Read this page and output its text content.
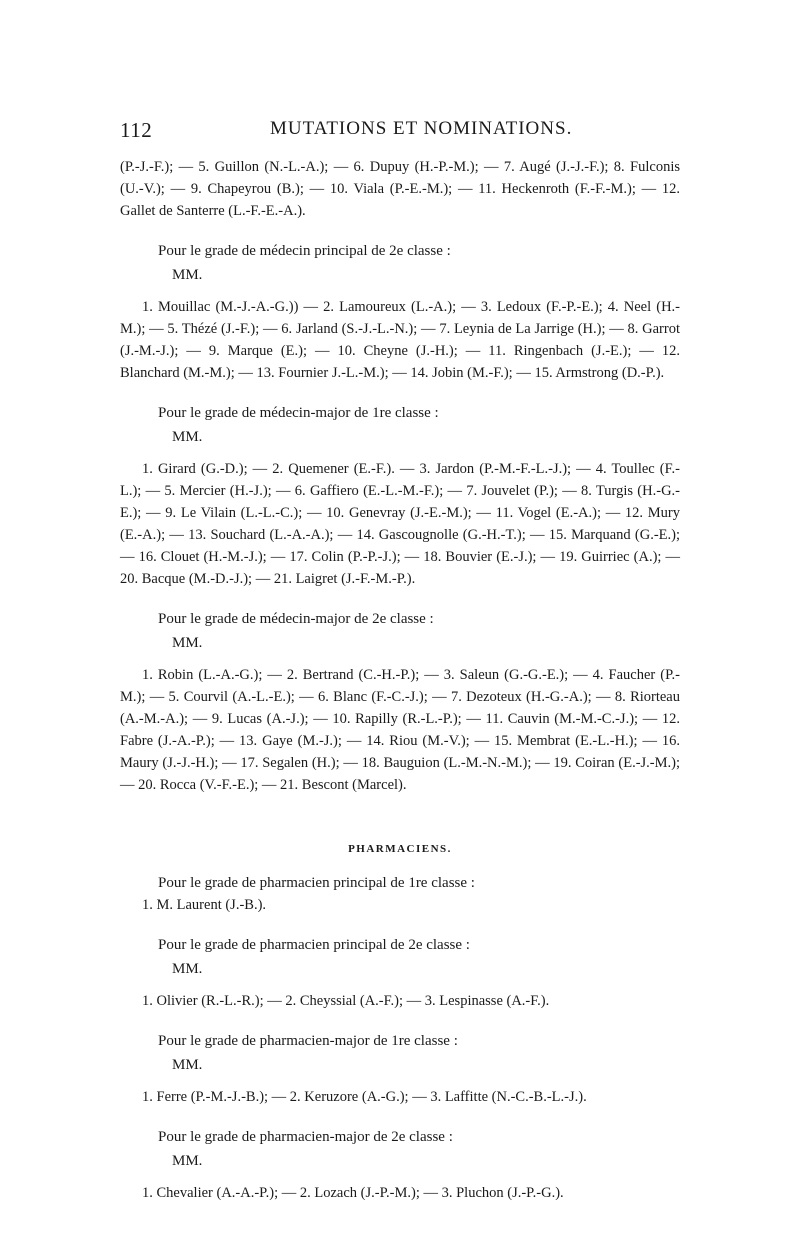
112	MUTATIONS ET NOMINATIONS.

(P.-J.-F.); — 5. Guillon (N.-L.-A.); — 6. Dupuy (H.-P.-M.); — 7. Augé (J.-J.-F.); 8. Fulconis (U.-V.); — 9. Chapeyrou (B.); — 10. Viala (P.-E.-M.); — 11. Heckenroth (F.-F.-M.); — 12. Gallet de Santerre (L.-F.-E.-A.).

Pour le grade de médecin principal de 2e classe :

MM.

1. Mouillac (M.-J.-A.-G.)) — 2. Lamoureux (L.-A.); — 3. Ledoux (F.-P.-E.); 4. Neel (H.-M.); — 5. Thézé (J.-F.); — 6. Jarland (S.-J.-L.-N.); — 7. Leynia de La Jarrige (H.); — 8. Garrot (J.-M.-J.); — 9. Marque (E.); — 10. Cheyne (J.-H.); — 11. Ringenbach (J.-E.); — 12. Blanchard (M.-M.); — 13. Fournier J.-L.-M.); — 14. Jobin (M.-F.); — 15. Armstrong (D.-P.).

Pour le grade de médecin-major de 1re classe :

MM.

1. Girard (G.-D.); — 2. Quemener (E.-F.). — 3. Jardon (P.-M.-F.-L.-J.); — 4. Toullec (F.-L.); — 5. Mercier (H.-J.); — 6. Gaffiero (E.-L.-M.-F.); — 7. Jouvelet (P.); — 8. Turgis (H.-G.-E.); — 9. Le Vilain (L.-L.-C.); — 10. Genevray (J.-E.-M.); — 11. Vogel (E.-A.); — 12. Mury (E.-A.); — 13. Souchard (L.-A.-A.); — 14. Gascougnolle (G.-H.-T.); — 15. Marquand (G.-E.); — 16. Clouet (H.-M.-J.); — 17. Colin (P.-P.-J.); — 18. Bouvier (E.-J.); — 19. Guirriec (A.); — 20. Bacque (M.-D.-J.); — 21. Laigret (J.-F.-M.-P.).

Pour le grade de médecin-major de 2e classe :

MM.

1. Robin (L.-A.-G.); — 2. Bertrand (C.-H.-P.); — 3. Saleun (G.-G.-E.); — 4. Faucher (P.-M.); — 5. Courvil (A.-L.-E.); — 6. Blanc (F.-C.-J.); — 7. Dezoteux (H.-G.-A.); — 8. Riorteau (A.-M.-A.); — 9. Lucas (A.-J.); — 10. Rapilly (R.-L.-P.); — 11. Cauvin (M.-M.-C.-J.); — 12. Fabre (J.-A.-P.); — 13. Gaye (M.-J.); — 14. Riou (M.-V.); — 15. Membrat (E.-L.-H.); — 16. Maury (J.-J.-H.); — 17. Segalen (H.); — 18. Bauguion (L.-M.-N.-M.); — 19. Coiran (E.-J.-M.); — 20. Rocca (V.-F.-E.); — 21. Bescont (Marcel).

PHARMACIENS.

Pour le grade de pharmacien principal de 1re classe :

1. M. Laurent (J.-B.).

Pour le grade de pharmacien principal de 2e classe :

MM.

1. Olivier (R.-L.-R.); — 2. Cheyssial (A.-F.); — 3. Lespinasse (A.-F.).

Pour le grade de pharmacien-major de 1re classe :

MM.

1. Ferre (P.-M.-J.-B.); — 2. Keruzore (A.-G.); — 3. Laffitte (N.-C.-B.-L.-J.).

Pour le grade de pharmacien-major de 2e classe :

MM.

1. Chevalier (A.-A.-P.); — 2. Lozach (J.-P.-M.); — 3. Pluchon (J.-P.-G.).
